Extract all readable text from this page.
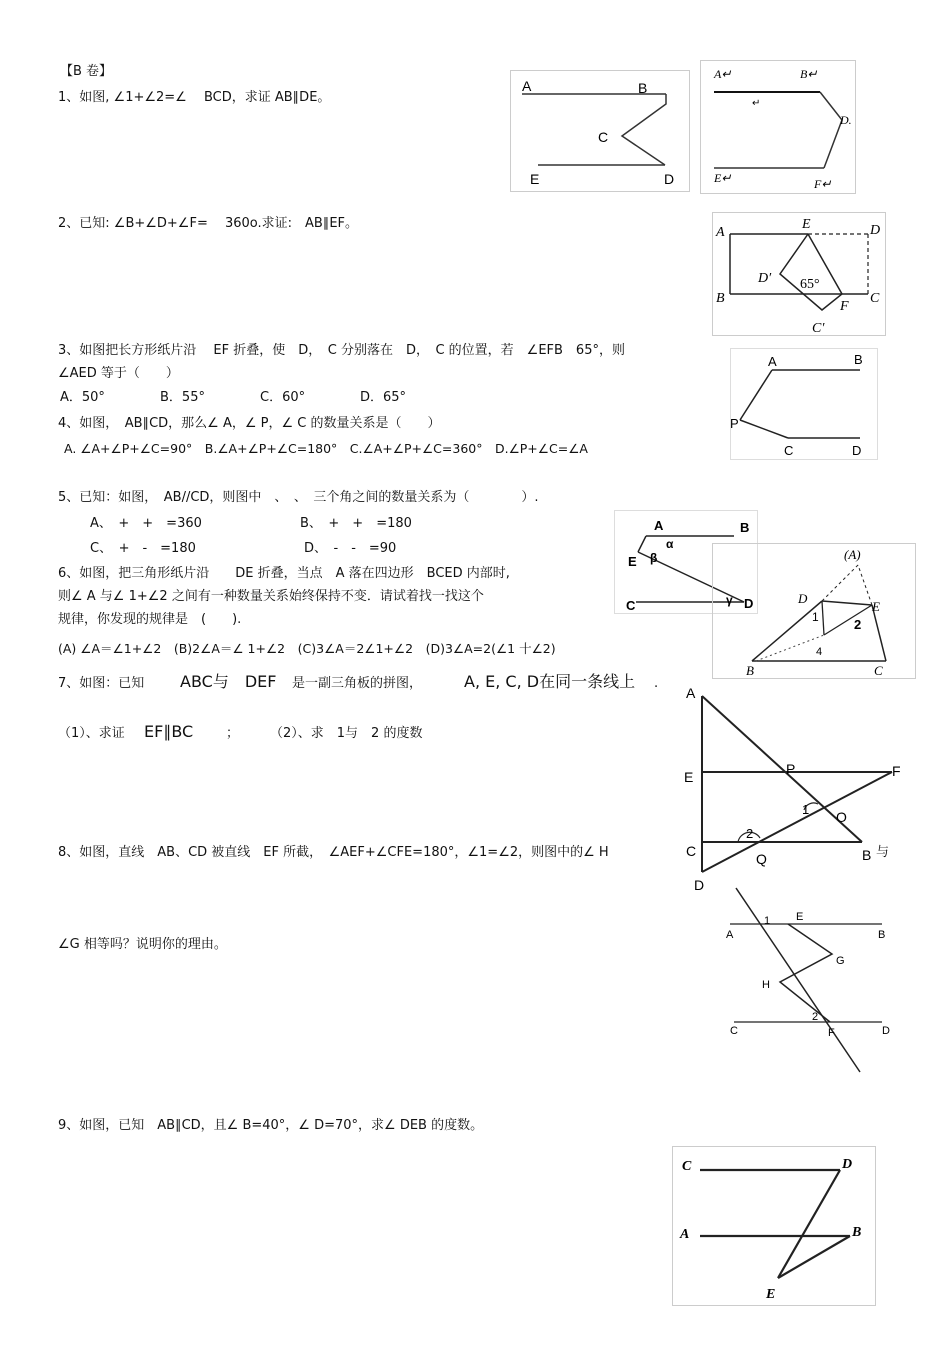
【B 卷】
1、如图, ∠1+∠2=∠　 BCD，求证 AB∥DE。
2、已知: ∠B+∠D+∠F=　 360o.求证:　AB∥EF。
3、如图把长方形纸片沿　 EF 折叠，使　D，　C 分别落在　D，　C 的位置，若　∠EFB　65°，则
∠AED 等于（　　）
A．50°	B．55°	C．60°	D．65°
4、如图，　AB∥CD，那么∠ A，∠ P，∠ C 的数量关系是（　　）
A. ∠A+∠P+∠C=90°　B.∠A+∠P+∠C=180°　C.∠A+∠P+∠C=360°　D.∠P+∠C=∠A
5、已知：如图，　AB//CD，则图中　、　、　三个角之间的数量关系为（　　　　）.
A、　+　+　=360	B、　+　+　=180
C、　+　-　=180	D、　-　-　=90
6、如图，把三角形纸片沿　　DE 折叠，当点　A 落在四边形　BCED 内部时,
则∠ A 与∠ 1+∠2 之间有一种数量关系始终保持不变．请试着找一找这个
规律，你发现的规律是　(　　).
(A) ∠A＝∠1+∠2　(B)2∠A＝∠ 1+∠2　(C)3∠A＝2∠1+∠2　(D)3∠A=2(∠1 十∠2)
7、如图：已知 ABC与　DEF 是一副三角板的拼图，	A, E, C, D在同一条线上 .
（1）、求证 EF∥BC	； （2）、求　1与　2 的度数
8、如图，直线　AB、CD 被直线　EF 所截，　∠AEF+∠CFE=180°，∠1=∠2，则图中的∠ H	与
∠G 相等吗？说明你的理由。
9、如图，已知　AB∥CD，且∠ B=40°，∠ D=70°，求∠ DEB 的度数。
A	B
C
D
E
A↵	B↵
D.
E↵	F↵
↵
A
E	D
B	C
F
D′
C′
65°
A	B
P
C	D
A	B
E
C	D
α
β
γ
(A)
B	C
D
E
1	2
4
A
E	P	F
1 O
2
C	Q	B
D
E
A	B
1
G
H
2
C	F	D
C	D
A	B
E
